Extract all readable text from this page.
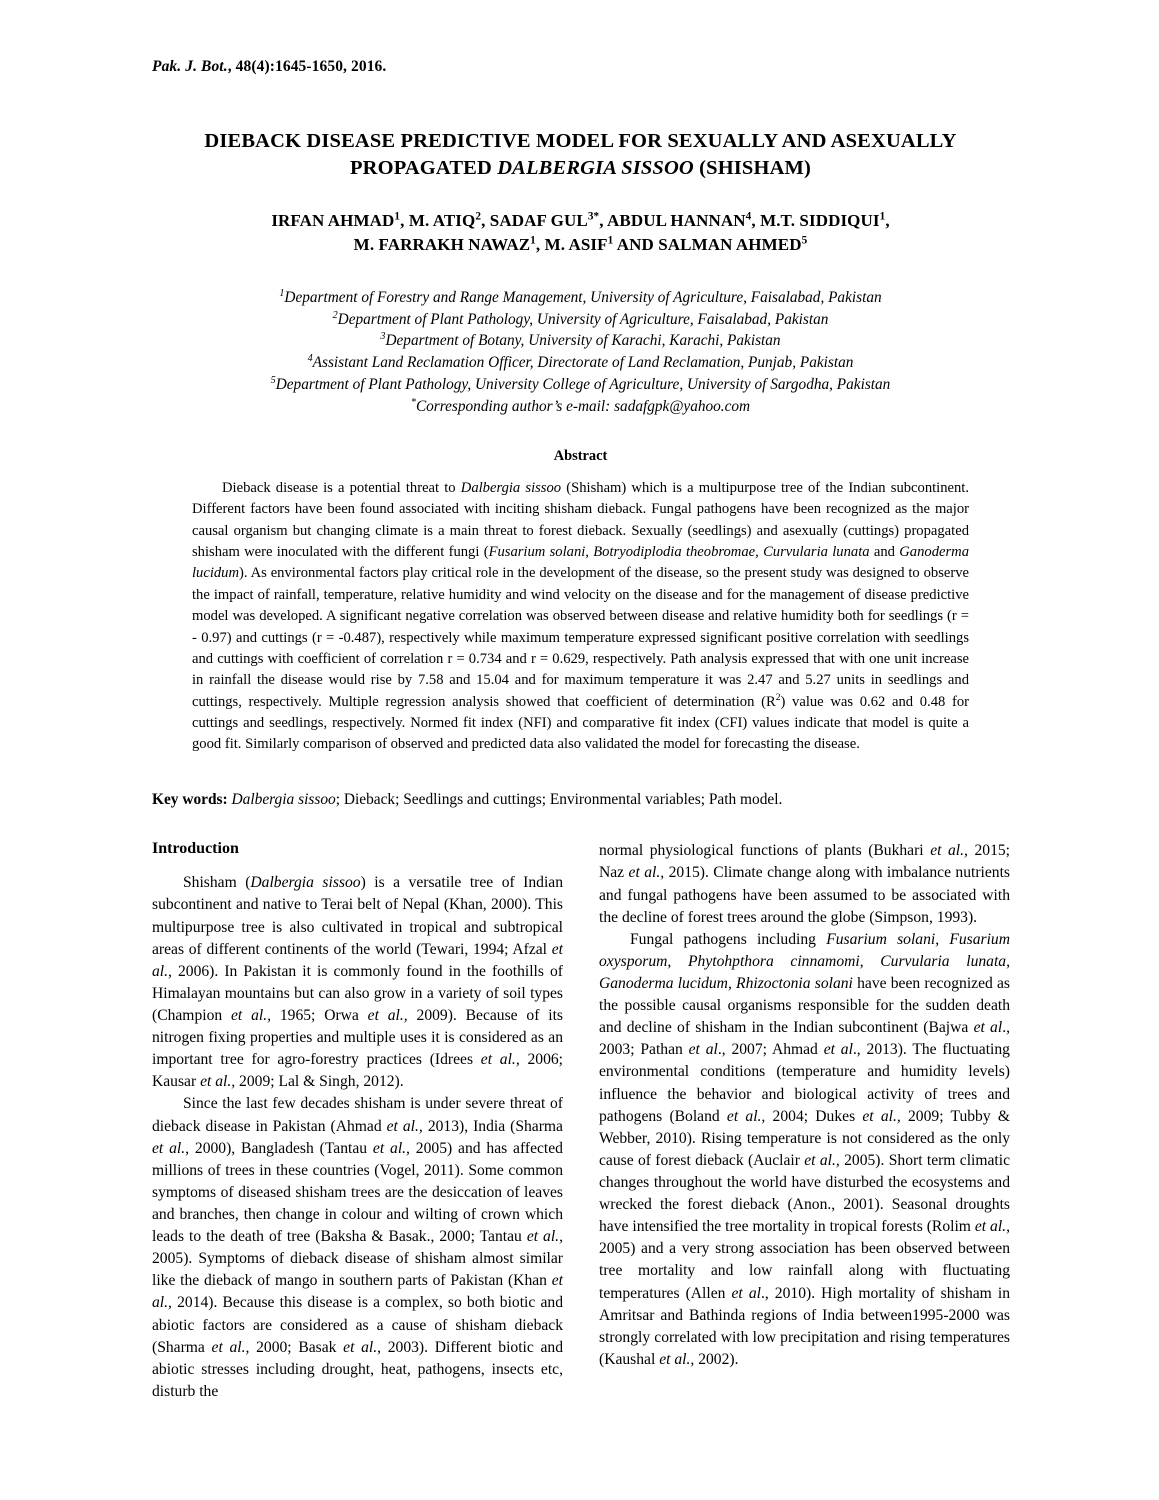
Pak. J. Bot., 48(4):1645-1650, 2016.
DIEBACK DISEASE PREDICTIVE MODEL FOR SEXUALLY AND ASEXUALLY
PROPAGATED DALBERGIA SISSOO (SHISHAM)
IRFAN AHMAD$^1$, M. ATIQ$^2$, SADAF $GUL^{3*}$, ABDUL HANNAN$^4$, M.T. SIDDIQUI$^1$,
M. FARRAKH NAWAZ$^1$, M. ASIF$^1$ AND SALMAN AHMED$^5$
$^1$Department of Forestry and Range Management, University of Agriculture, Faisalabad, Pakistan
$^2$Department of Plant Pathology, University of Agriculture, Faisalabad, Pakistan
$^3$Department of Botany, University of Karachi, Karachi, Pakistan
$^4$Assistant Land Reclamation Officer, Directorate of Land Reclamation, Punjab, Pakistan
$^5$Department of Plant Pathology, University College of Agriculture, University of Sargodha, Pakistan
*Corresponding author’s e-mail: sadafgpk@yahoo.com
Abstract

Dieback disease is a potential threat to Dalbergia sissoo (Shisham) which is a multipurpose tree of the Indian subcontinent. Different factors have been found associated with inciting shisham dieback. Fungal pathogens have been recognized as the major causal organism but changing climate is a main threat to forest dieback. Sexually (seedlings) and asexually (cuttings) propagated shisham were inoculated with the different fungi (Fusarium solani, Botryodiplodia theobromae, Curvularia lunata and Ganoderma lucidum). As environmental factors play critical role in the development of the disease, so the present study was designed to observe the impact of rainfall, temperature, relative humidity and wind velocity on the disease and for the management of disease predictive model was developed. A significant negative correlation was observed between disease and relative humidity both for seedlings (r = - 0.97) and cuttings (r = -0.487), respectively while maximum temperature expressed significant positive correlation with seedlings and cuttings with coefficient of correlation r = 0.734 and r = 0.629, respectively. Path analysis expressed that with one unit increase in rainfall the disease would rise by 7.58 and 15.04 and for maximum temperature it was 2.47 and 5.27 units in seedlings and cuttings, respectively. Multiple regression analysis showed that coefficient of determination $(R^2)$ value was 0.62 and 0.48 for cuttings and seedlings, respectively. Normed fit index (NFI) and comparative fit index (CFI) values indicate that model is quite a good fit. Similarly comparison of observed and predicted data also validated the model for forecasting the disease.

Key words: Dalbergia sissoo; Dieback; Seedlings and cuttings; Environmental variables; Path model.

Introduction

Shisham (Dalbergia sissoo) is a versatile tree of Indian subcontinent and native to Terai belt of Nepal (Khan, 2000). This multipurpose tree is also cultivated in tropical and subtropical areas of different continents of the world (Tewari, 1994; Afzal et al., 2006). In Pakistan it is commonly found in the foothills of Himalayan mountains but can also grow in a variety of soil types (Champion et al., 1965; Orwa et al., 2009). Because of its nitrogen fixing properties and multiple uses it is considered as an important tree for agro-forestry practices (Idrees et al., 2006; Kausar et al., 2009; Lal & Singh, 2012).

Since the last few decades shisham is under severe threat of dieback disease in Pakistan (Ahmad et al., 2013), India (Sharma et al., 2000), Bangladesh (Tantau et al., 2005) and has affected millions of trees in these countries (Vogel, 2011). Some common symptoms of diseased shisham trees are the desiccation of leaves and branches, then change in colour and wilting of crown which leads to the death of tree (Baksha & Basak., 2000; Tantau et al., 2005). Symptoms of dieback disease of shisham almost similar like the dieback of mango in southern parts of Pakistan (Khan et al., 2014). Because this disease is a complex, so both biotic and abiotic factors are considered as a cause of shisham dieback (Sharma et al., 2000; Basak et al., 2003). Different biotic and abiotic stresses including drought, heat, pathogens, insects etc, disturb the

normal physiological functions of plants (Bukhari et al., 2015; Naz et al., 2015). Climate change along with imbalance nutrients and fungal pathogens have been assumed to be associated with the decline of forest trees around the globe (Simpson, 1993).

Fungal pathogens including Fusarium solani, Fusarium oxysporum, Phytohpthora cinnamomi, Curvularia lunata, Ganoderma lucidum, Rhizoctonia solani have been recognized as the possible causal organisms responsible for the sudden death and decline of shisham in the Indian subcontinent (Bajwa et al., 2003; Pathan et al., 2007; Ahmad et al., 2013). The fluctuating environmental conditions (temperature and humidity levels) influence the behavior and biological activity of trees and pathogens (Boland et al., 2004; Dukes et al., 2009; Tubby & Webber, 2010). Rising temperature is not considered as the only cause of forest dieback (Auclair et al., 2005). Short term climatic changes throughout the world have disturbed the ecosystems and wrecked the forest dieback (Anon., 2001). Seasonal droughts have intensified the tree mortality in tropical forests (Rolim et al., 2005) and a very strong association has been observed between tree mortality and low rainfall along with fluctuating temperatures (Allen et al., 2010). High mortality of shisham in Amritsar and Bathinda regions of India between1995-2000 was strongly correlated with low precipitation and rising temperatures (Kaushal et al., 2002).
